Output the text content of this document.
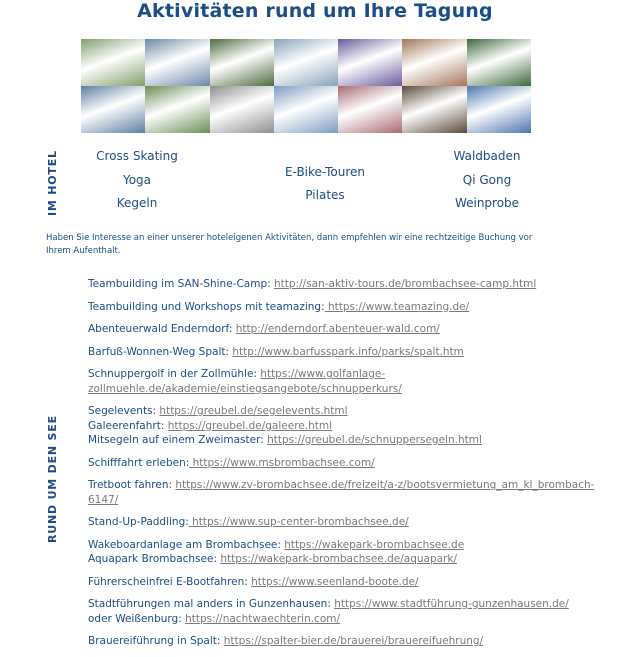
Aktivitäten rund um Ihre Tagung
IM HOTEL	Cross Skating
Yoga
Kegeln
E-Bike-Touren
Pilates
Waldbaden
Qi Gong
Weinprobe
Haben Sie Interesse an einer unserer hoteleigenen Aktivitäten, dann empfehlen wir eine rechtzeitige Buchung vor Ihrem Aufenthalt.
RUND UM DEN SEE
Teambuilding im SAN-Shine-Camp: http://san-aktiv-tours.de/brombachsee-camp.html
Teambuilding und Workshops mit teamazing: https://www.teamazing.de/
Abenteuerwald Enderndorf: http://enderndorf.abenteuer-wald.com/
Barfuß-Wonnen-Weg Spalt: http://www.barfusspark.info/parks/spalt.htm
Schnuppergolf in der Zollmühle: https://www.golfanlage-zollmuehle.de/akademie/einstiegsangebote/schnupperkurs/
Segelevents: https://greubel.de/segelevents.html
Galeerenfahrt: https://greubel.de/galeere.html
Mitsegeln auf einem Zweimaster: https://greubel.de/schnuppersegeln.html
Schifffahrt erleben: https://www.msbrombachsee.com/
Tretboot fahren: https://www.zv-brombachsee.de/freizeit/a-z/bootsvermietung_am_kl_brombach-6147/
Stand-Up-Paddling: https://www.sup-center-brombachsee.de/
Wakeboardanlage am Brombachsee: https://wakepark-brombachsee.de
Aquapark Brombachsee: https://wakepark-brombachsee.de/aquapark/
Führerscheinfrei E-Bootfahren: https://www.seenland-boote.de/
Stadtführungen mal anders in Gunzenhausen: https://www.stadtführung-gunzenhausen.de/
oder Weißenburg: https://nachtwaechterin.com/
Brauereiführung in Spalt: https://spalter-bier.de/brauerei/brauereifuehrung/
